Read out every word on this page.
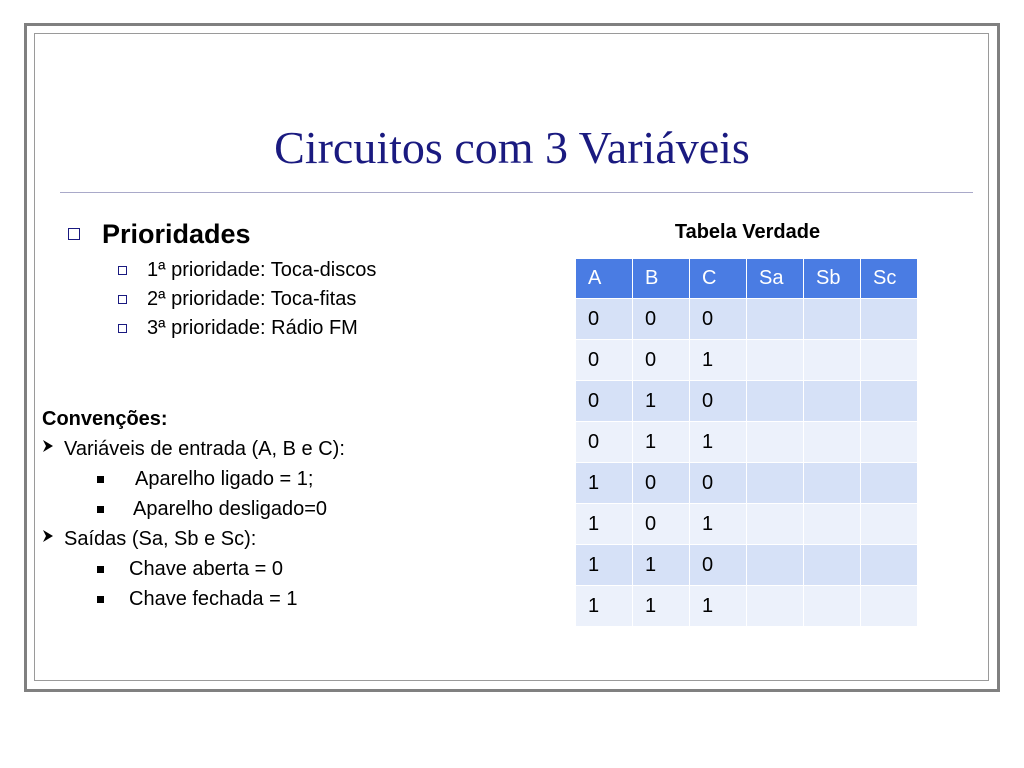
Circuitos com 3 Variáveis
Prioridades
1ª prioridade: Toca-discos
2ª prioridade: Toca-fitas
3ª prioridade: Rádio FM
Convenções:
Variáveis de entrada (A, B e C):
Aparelho ligado = 1;
Aparelho desligado=0
Saídas (Sa, Sb e Sc):
Chave aberta = 0
Chave fechada = 1
Tabela Verdade
A	B	C	Sa	Sb	Sc
0	0	0			
0	0	1			
0	1	0			
0	1	1			
1	0	0			
1	0	1			
1	1	0			
1	1	1			
